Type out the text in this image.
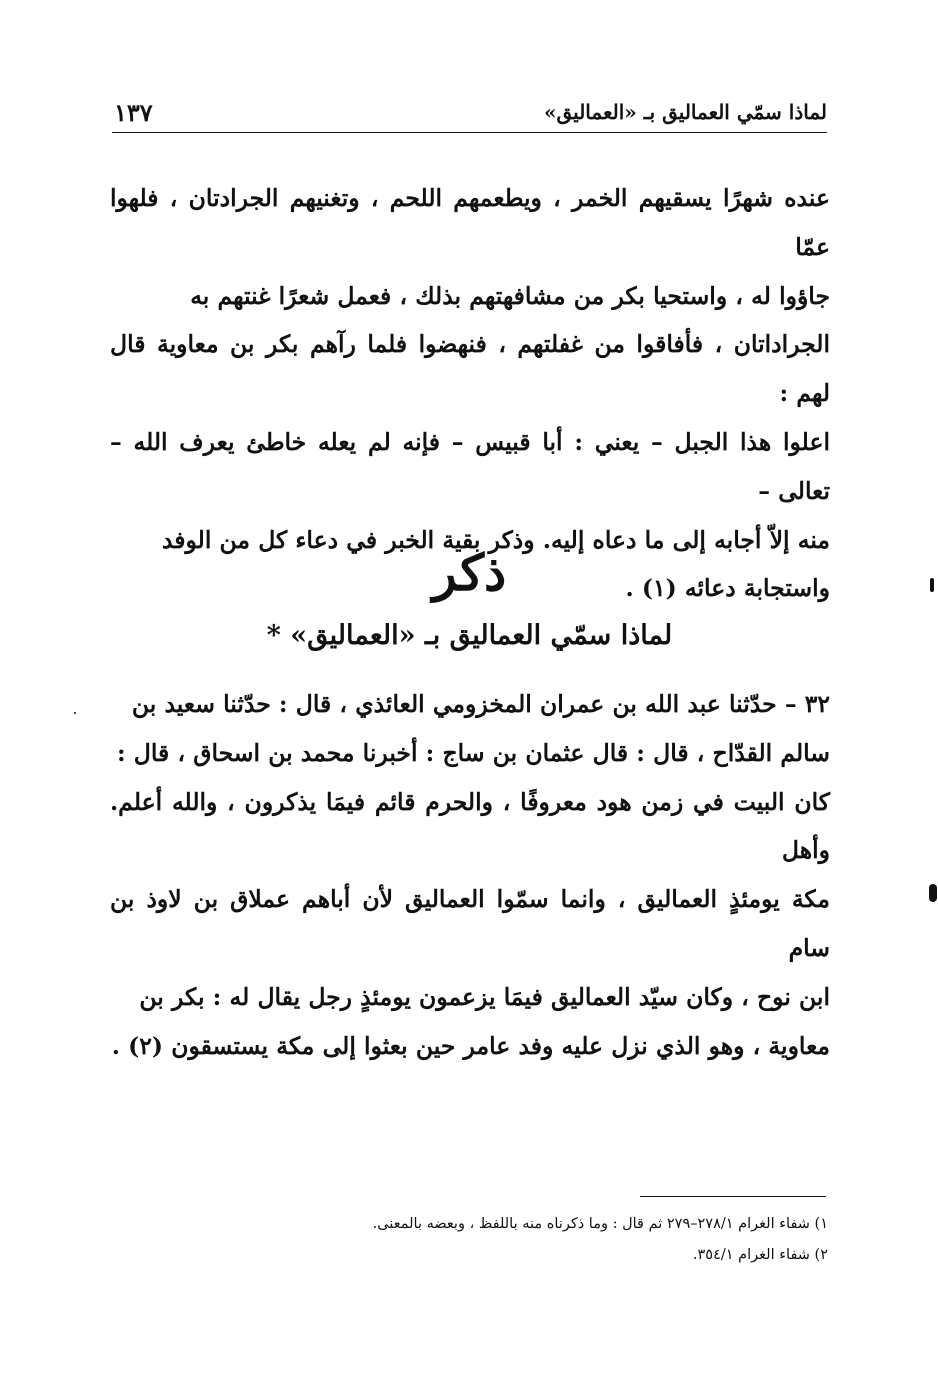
لماذا سمّي العماليق بـ «العماليق»
١٣٧

عنده شهرًا يسقيهم الخمر ، ويطعمهم اللحم ، وتغنيهم الجرادتان ، فلهوا عمّا

جاؤوا له ، واستحيا بكر من مشافهتهم بذلك ، فعمل شعرًا غنتهم به

الجراداتان ، فأفاقوا من غفلتهم ، فنهضوا فلما رآهم بكر بن معاوية قال لهم :

اعلوا هذا الجبل – يعني : أبا قبيس – فإنه لم يعله خاطئ يعرف الله – تعالى –

منه إلاّ أجابه إلى ما دعاه إليه. وذكر بقية الخبر في دعاء كل من الوفد

واستجابة دعائه (١) .

ذكر
لماذا سمّي العماليق بـ «العماليق» *

٣٢ – حدّثنا عبد الله بن عمران المخزومي العائذي ، قال : حدّثنا سعيد بن

سالم القدّاح ، قال : قال عثمان بن ساج : أخبرنا محمد بن اسحاق ، قال :

كان البيت في زمن هود معروفًا ، والحرم قائم فيمَا يذكرون ، والله أعلم. وأهل

مكة يومئذٍ العماليق ، وانما سمّوا العماليق لأن أباهم عملاق بن لاوذ بن سام

ابن نوح ، وكان سيّد العماليق فيمَا يزعمون يومئذٍ رجل يقال له : بكر بن

معاوية ، وهو الذي نزل عليه وفد عامر حين بعثوا إلى مكة يستسقون (٢) .

١) شفاء الغرام ٢٧٨/١–٢٧٩ ثم قال : وما ذكرناه منه باللفظ ، وبعضه بالمعنى.
٢) شفاء الغرام ٣٥٤/١.
